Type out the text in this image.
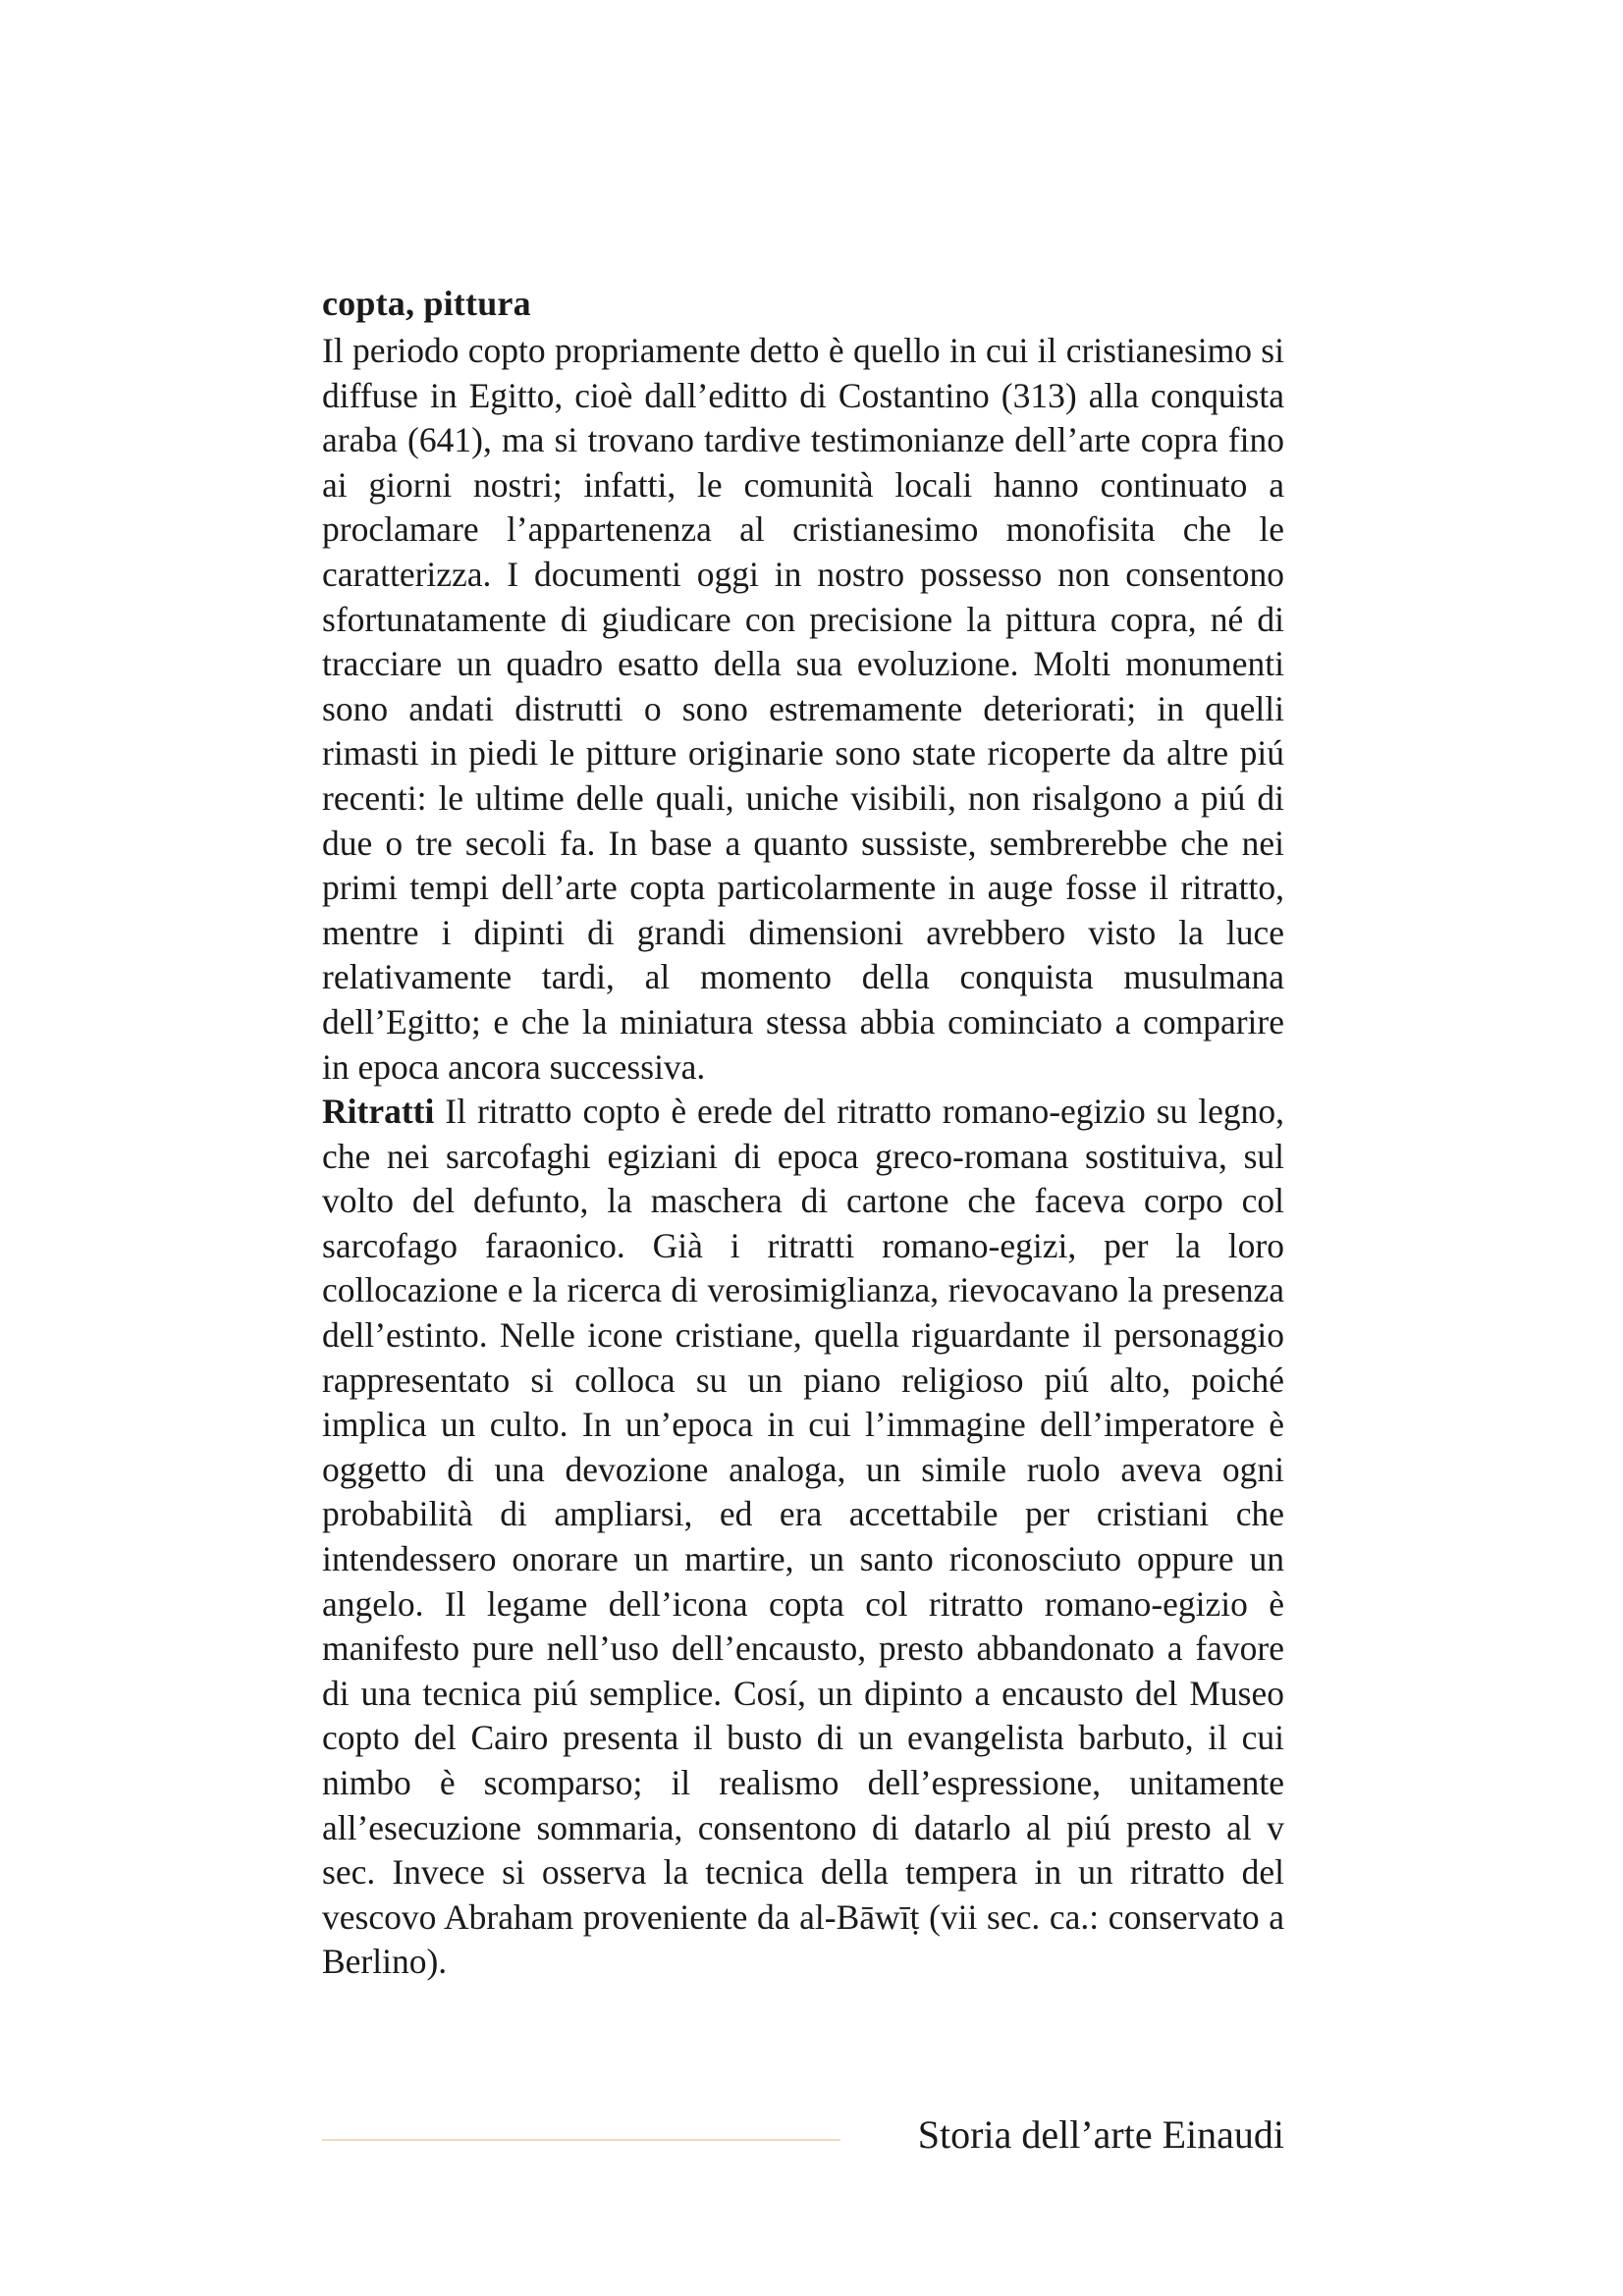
copta, pittura

Il periodo copto propriamente detto è quello in cui il cristianesimo si diffuse in Egitto, cioè dall’editto di Costantino (313) alla conquista araba (641), ma si trovano tardive testimonianze dell’arte copra fino ai giorni nostri; infatti, le comunità locali hanno continuato a proclamare l’appartenenza al cristianesimo monofisita che le caratterizza. I documenti oggi in nostro possesso non consentono sfortunatamente di giudicare con precisione la pittura copra, né di tracciare un quadro esatto della sua evoluzione. Molti monumenti sono andati distrutti o sono estremamente deteriorati; in quelli rimasti in piedi le pitture originarie sono state ricoperte da altre piú recenti: le ultime delle quali, uniche visibili, non risalgono a piú di due o tre secoli fa. In base a quanto sussiste, sembrerebbe che nei primi tempi dell’arte copta particolarmente in auge fosse il ritratto, mentre i dipinti di grandi dimensioni avrebbero visto la luce relativamente tardi, al momento della conquista musulmana dell’Egitto; e che la miniatura stessa abbia cominciato a comparire in epoca ancora successiva.

Ritratti Il ritratto copto è erede del ritratto romano-egizio su legno, che nei sarcofaghi egiziani di epoca greco-romana sostituiva, sul volto del defunto, la maschera di cartone che faceva corpo col sarcofago faraonico. Già i ritratti romano-egizi, per la loro collocazione e la ricerca di verosimiglianza, rievocavano la presenza dell’estinto. Nelle icone cristiane, quella riguardante il personaggio rappresentato si colloca su un piano religioso piú alto, poiché implica un culto. In un’epoca in cui l’immagine dell’imperatore è oggetto di una devozione analoga, un simile ruolo aveva ogni probabilità di ampliarsi, ed era accettabile per cristiani che intendessero onorare un martire, un santo riconosciuto oppure un angelo. Il legame dell’icona copta col ritratto romano-egizio è manifesto pure nell’uso dell’encausto, presto abbandonato a favore di una tecnica piú semplice. Cosí, un dipinto a encausto del Museo copto del Cairo presenta il busto di un evangelista barbuto, il cui nimbo è scomparso; il realismo dell’espressione, unitamente all’esecuzione sommaria, consentono di datarlo al piú presto al v sec. Invece si osserva la tecnica della tempera in un ritratto del vescovo Abraham proveniente da al-Bāwīṭ (vii sec. ca.: conservato a Berlino).

Storia dell’arte Einaudi
